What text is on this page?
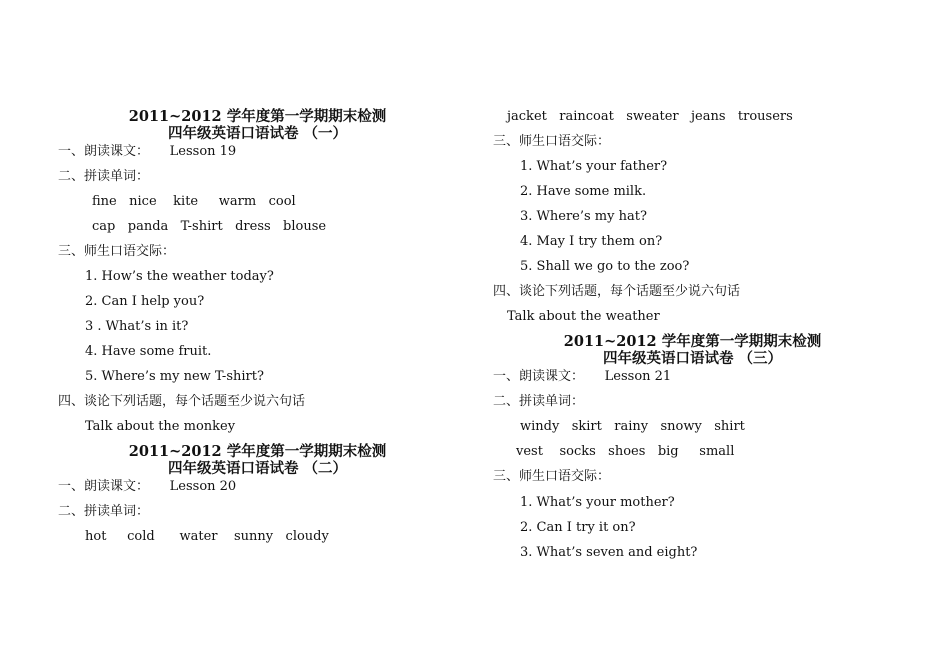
2011~2012 学年度第一学期期末检测
四年级英语口语试卷 （一）
一、朗读课文：     Lesson 19
二、拼读单词：
fine   nice    kite     warm   cool
cap   panda   T-shirt   dress   blouse
三、师生口语交际：
1. How’s the weather today?
2. Can I help you?
3 . What’s in it?
4. Have some fruit.
5. Where’s my new T-shirt?
四、谈论下列话题，每个话题至少说六句话
Talk about the monkey
2011~2012 学年度第一学期期末检测
四年级英语口语试卷 （二）
一、朗读课文：     Lesson 20
二、拼读单词：
hot     cold      water    sunny   cloudy
jacket   raincoat   sweater   jeans   trousers
三、师生口语交际：
1. What’s your father?
2. Have some milk.
3. Where’s my hat?
4. May I try them on?
5. Shall we go to the zoo?
四、谈论下列话题，每个话题至少说六句话
Talk about the weather
2011~2012 学年度第一学期期末检测
四年级英语口语试卷 （三）
一、朗读课文：     Lesson 21
二、拼读单词：
windy   skirt   rainy   snowy   shirt
vest    socks   shoes   big     small
三、师生口语交际：
1. What’s your mother?
2. Can I try it on?
3. What’s seven and eight?
